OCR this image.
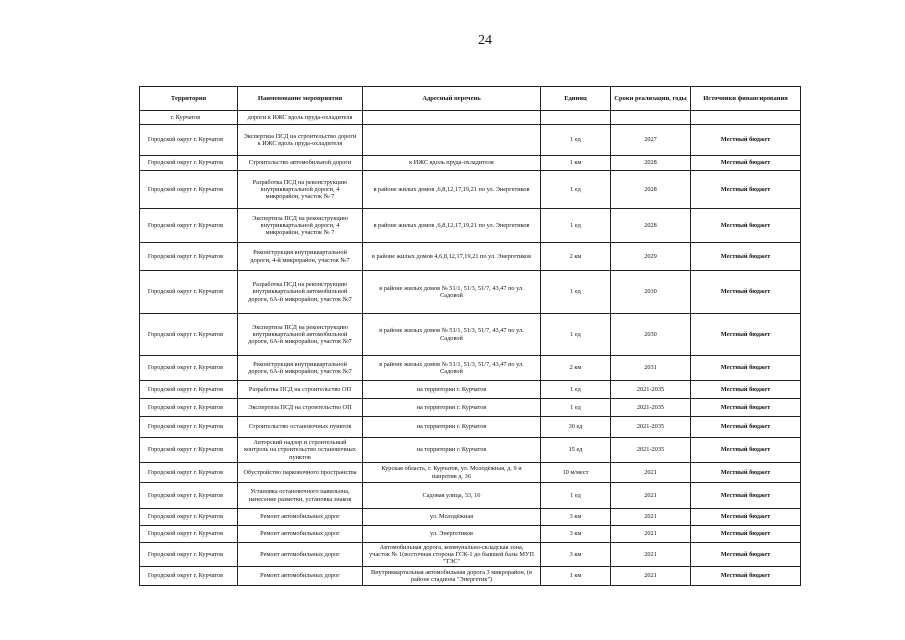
24
Территория	Наименование мероприятия	Адресный перечень	Единиц	Сроки реализации, годы	Источники финансирования
г. Курчатов	дороги к ИЖС вдоль пруда-охладителя				
Городской округ г. Курчатов	Экспертиза ПСД на строительство дороги к ИЖС вдоль пруда-охладителя		1 ед	2027	Местный бюджет
Городской округ г. Курчатов	Строительство автомобильной дороги	к ИЖС вдоль пруда-охладителя	1 км	2028	Местный бюджет
Городской округ г. Курчатов	Разработка ПСД на реконструкцию внутриквартальной дороги, 4 микрорайон, участок № 7	в районе жилых домов ,6,8,12,17,19,21 по ул. Энергетиков	1 ед	2028	Местный бюджет
Городской округ г. Курчатов	Экспертиза ПСД на реконструкцию внутриквартальной дороги, 4 микрорайон, участок № 7	в районе жилых домов ,6,8,12,17,19,21 по ул. Энергетиков	1 ед	2028	Местный бюджет
Городской округ г. Курчатов	Реконструкция внутриквартальной дороги, 4-й микрорайон, участок №7	в районе жилых домов 4,6,8,12,17,19,21 по ул. Энергетиков	2 км	2029	Местный бюджет
Городской округ г. Курчатов	Разработка ПСД на реконструкцию внутриквартальной автомобильной дороги, 6А-й микрорайон, участок №7	в районе жилых домов № 51/1, 51/3, 51/7, 43,47 по ул. Садовой	1 ед	2030	Местный бюджет
Городской округ г. Курчатов	Экспертиза ПСД на реконструкцию внутриквартальной автомобильной дороги, 6А-й микрорайон, участок №7	в районе жилых домов № 51/1, 51/3, 51/7, 43,47 по ул. Садовой	1 ед	2030	Местный бюджет
Городской округ г. Курчатов	Реконструкция внутриквартальной дороги, 6А-й микрорайон, участок №7	в районе жилых домов № 51/1, 51/3, 51/7, 43,47 по ул. Садовой	2 км	2031	Местный бюджет
Городской округ г. Курчатов	Разработка ПСД на строительство ОП	на территории г. Курчатов	1 ед	2021-2035	Местный бюджет
Городской округ г. Курчатов	Экспертиза ПСД на строительство ОП	на территории г. Курчатов	1 ед	2021-2035	Местный бюджет
Городской округ г. Курчатов	Строительство остановочных пунктов	на территории г. Курчатов	30 ед	2021-2035	Местный бюджет
Городской округ г. Курчатов	Авторский надзор и строительный контроль на строительство остановочных пунктов	на территории г. Курчатов	15 ед	2021-2035	Местный бюджет
Городской округ г. Курчатов	Обустройство парковочного пространства	Курская область, г. Курчатов, ул. Молодёжная, д. 9 и напротив д. 36	10 м/мест	2021	Местный бюджет
Городской округ г. Курчатов	Установка остановочного павильона, нанесение разметки, установка знаков	Садовая улица, 33, 16	1 ед	2021	Местный бюджет
Городской округ г. Курчатов	Ремонт автомобильных дорог	ул. Молодёжная	3 км	2021	Местный бюджет
Городской округ г. Курчатов	Ремонт автомобильных дорог	ул. Энергетиков	3 км	2021	Местный бюджет
Городской округ г. Курчатов	Ремонт автомобильных дорог	Автомобильная дорога, коммунально-складская зона, участок № 1(восточная сторона ГСК-1 до бывшей базы МУП "ТЭС"	3 км	2021	Местный бюджет
Городской округ г. Курчатов	Ремонт автомобильных дорог	Внутриквартальная автомобильная дорога 3 микрорайон, (в районе стадиона "Энергетик")	1 км	2021	Местный бюджет
